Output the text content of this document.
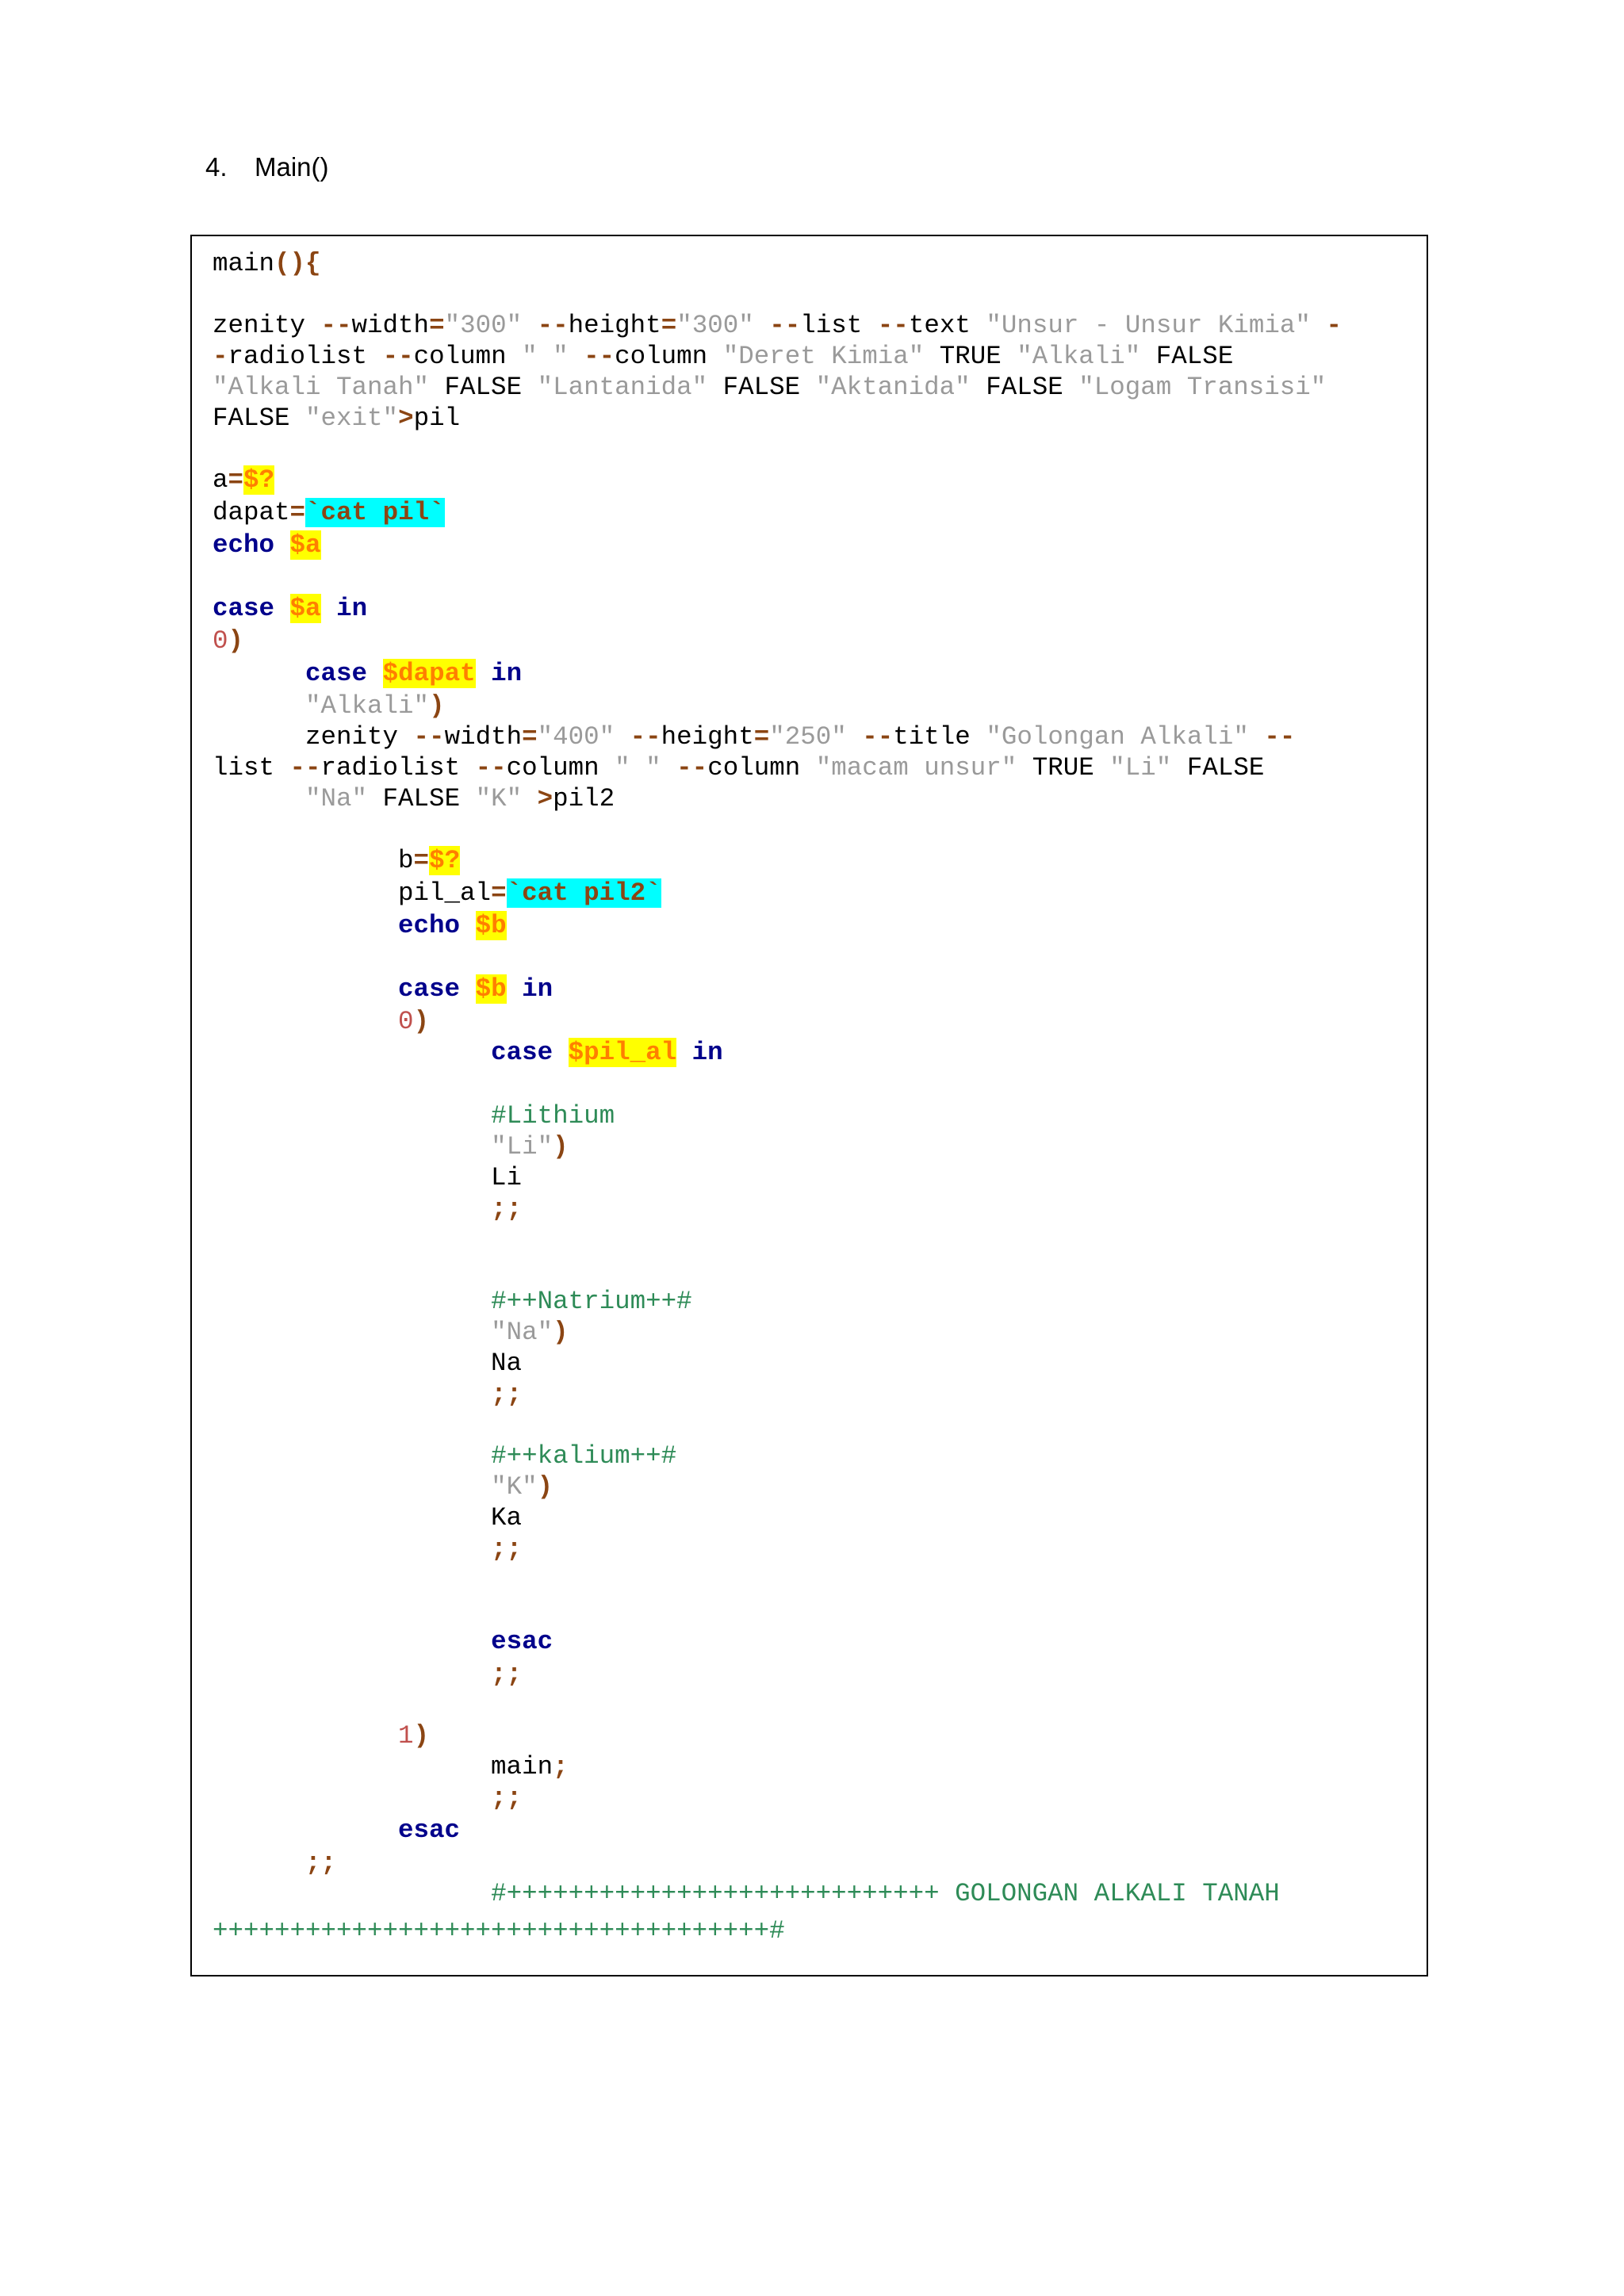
4. Main()
main(){
zenity --width="300" --height="300" --list --text "Unsur - Unsur Kimia" -
-radiolist --column " " --column "Deret Kimia" TRUE "Alkali" FALSE
"Alkali Tanah" FALSE "Lantanida" FALSE "Aktanida" FALSE "Logam Transisi"
FALSE "exit">pil
a=$?
dapat=`cat pil`
echo $a
case $a in
0)
case $dapat in
"Alkali")
zenity --width="400" --height="250" --title "Golongan Alkali" --
list --radiolist --column " " --column "macam unsur" TRUE "Li" FALSE
"Na" FALSE "K" >pil2
b=$?
pil_al=`cat pil2`
echo $b
case $b in
0)
case $pil_al in
#Lithium
"Li")
Li
;;
#++Natrium++#
"Na")
Na
;;
#++kalium++#
"K")
Ka
;;
esac
;;
1)
main;
;;
esac
;;
#++++++++++++++++++++++++++++ GOLONGAN ALKALI TANAH
++++++++++++++++++++++++++++++++++++#
